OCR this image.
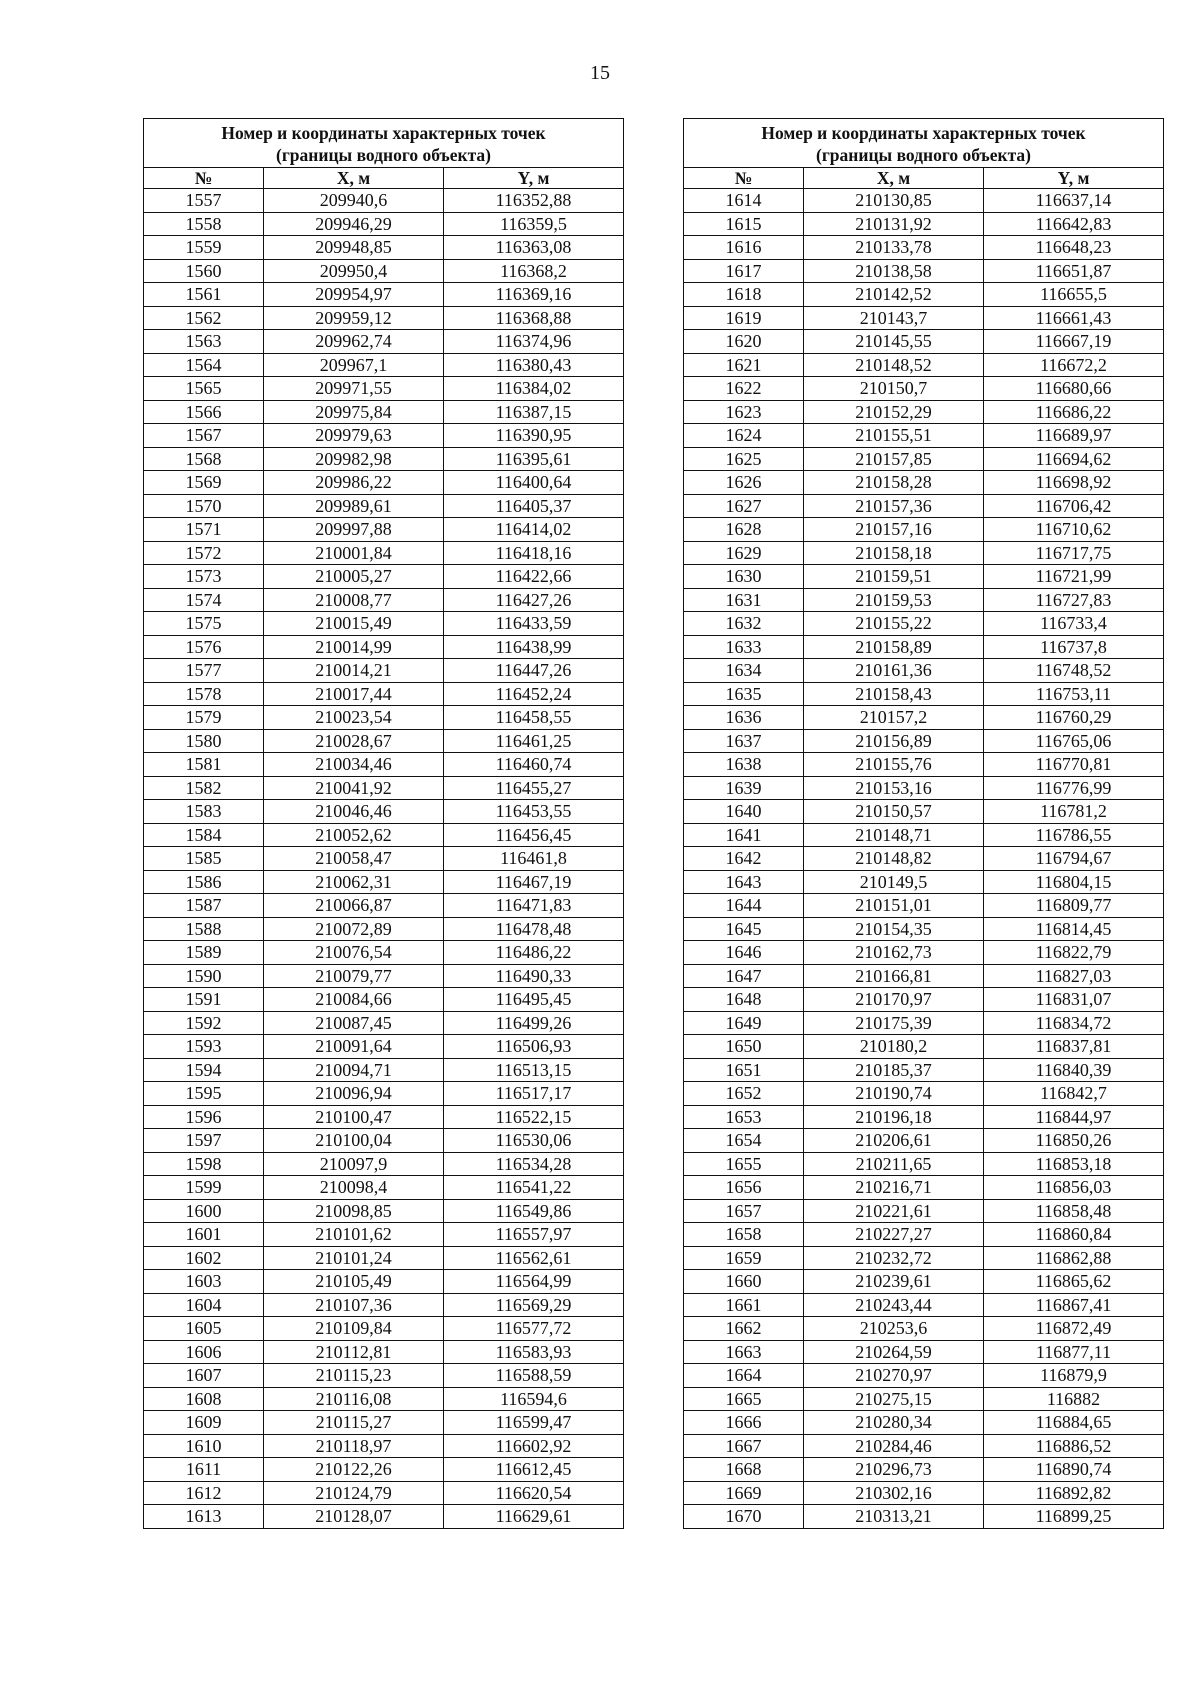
15
Номер и координаты характерных точек
(границы водного объекта)		

№	X, м	Y, м
1557	209940,6	116352,88
1558	209946,29	116359,5
1559	209948,85	116363,08
1560	209950,4	116368,2
1561	209954,97	116369,16
1562	209959,12	116368,88
1563	209962,74	116374,96
1564	209967,1	116380,43
1565	209971,55	116384,02
1566	209975,84	116387,15
1567	209979,63	116390,95
1568	209982,98	116395,61
1569	209986,22	116400,64
1570	209989,61	116405,37
1571	209997,88	116414,02
1572	210001,84	116418,16
1573	210005,27	116422,66
1574	210008,77	116427,26
1575	210015,49	116433,59
1576	210014,99	116438,99
1577	210014,21	116447,26
1578	210017,44	116452,24
1579	210023,54	116458,55
1580	210028,67	116461,25
1581	210034,46	116460,74
1582	210041,92	116455,27
1583	210046,46	116453,55
1584	210052,62	116456,45
1585	210058,47	116461,8
1586	210062,31	116467,19
1587	210066,87	116471,83
1588	210072,89	116478,48
1589	210076,54	116486,22
1590	210079,77	116490,33
1591	210084,66	116495,45
1592	210087,45	116499,26
1593	210091,64	116506,93
1594	210094,71	116513,15
1595	210096,94	116517,17
1596	210100,47	116522,15
1597	210100,04	116530,06
1598	210097,9	116534,28
1599	210098,4	116541,22
1600	210098,85	116549,86
1601	210101,62	116557,97
1602	210101,24	116562,61
1603	210105,49	116564,99
1604	210107,36	116569,29
1605	210109,84	116577,72
1606	210112,81	116583,93
1607	210115,23	116588,59
1608	210116,08	116594,6
1609	210115,27	116599,47
1610	210118,97	116602,92
1611	210122,26	116612,45
1612	210124,79	116620,54
1613	210128,07	116629,61
Номер и координаты характерных точек
(границы водного объекта)		

№	X, м	Y, м
1614	210130,85	116637,14
1615	210131,92	116642,83
1616	210133,78	116648,23
1617	210138,58	116651,87
1618	210142,52	116655,5
1619	210143,7	116661,43
1620	210145,55	116667,19
1621	210148,52	116672,2
1622	210150,7	116680,66
1623	210152,29	116686,22
1624	210155,51	116689,97
1625	210157,85	116694,62
1626	210158,28	116698,92
1627	210157,36	116706,42
1628	210157,16	116710,62
1629	210158,18	116717,75
1630	210159,51	116721,99
1631	210159,53	116727,83
1632	210155,22	116733,4
1633	210158,89	116737,8
1634	210161,36	116748,52
1635	210158,43	116753,11
1636	210157,2	116760,29
1637	210156,89	116765,06
1638	210155,76	116770,81
1639	210153,16	116776,99
1640	210150,57	116781,2
1641	210148,71	116786,55
1642	210148,82	116794,67
1643	210149,5	116804,15
1644	210151,01	116809,77
1645	210154,35	116814,45
1646	210162,73	116822,79
1647	210166,81	116827,03
1648	210170,97	116831,07
1649	210175,39	116834,72
1650	210180,2	116837,81
1651	210185,37	116840,39
1652	210190,74	116842,7
1653	210196,18	116844,97
1654	210206,61	116850,26
1655	210211,65	116853,18
1656	210216,71	116856,03
1657	210221,61	116858,48
1658	210227,27	116860,84
1659	210232,72	116862,88
1660	210239,61	116865,62
1661	210243,44	116867,41
1662	210253,6	116872,49
1663	210264,59	116877,11
1664	210270,97	116879,9
1665	210275,15	116882
1666	210280,34	116884,65
1667	210284,46	116886,52
1668	210296,73	116890,74
1669	210302,16	116892,82
1670	210313,21	116899,25
